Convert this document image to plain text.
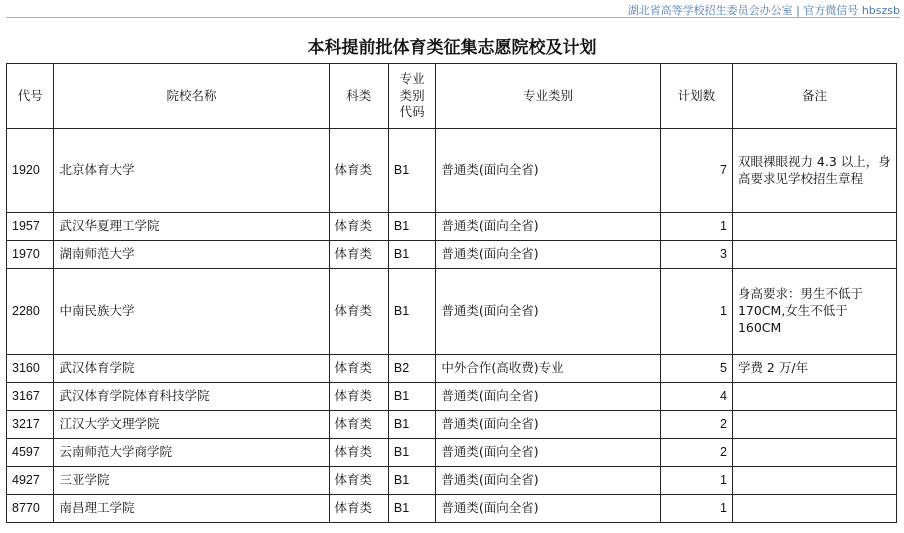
湖北省高等学校招生委员会办公室 | 官方微信号 hbszsb
本科提前批体育类征集志愿院校及计划
代号	院校名称	科类	专业类别代码	专业类别	计划数	备注
1920	北京体育大学	体育类	B1	普通类(面向全省)	7	双眼裸眼视力 4.3 以上，身高要求见学校招生章程
1957	武汉华夏理工学院	体育类	B1	普通类(面向全省)	1	
1970	湖南师范大学	体育类	B1	普通类(面向全省)	3	
2280	中南民族大学	体育类	B1	普通类(面向全省)	1	身高要求：男生不低于 170CM,女生不低于 160CM
3160	武汉体育学院	体育类	B2	中外合作(高收费)专业	5	学费 2 万/年
3167	武汉体育学院体育科技学院	体育类	B1	普通类(面向全省)	4	
3217	江汉大学文理学院	体育类	B1	普通类(面向全省)	2	
4597	云南师范大学商学院	体育类	B1	普通类(面向全省)	2	
4927	三亚学院	体育类	B1	普通类(面向全省)	1	
8770	南昌理工学院	体育类	B1	普通类(面向全省)	1	
